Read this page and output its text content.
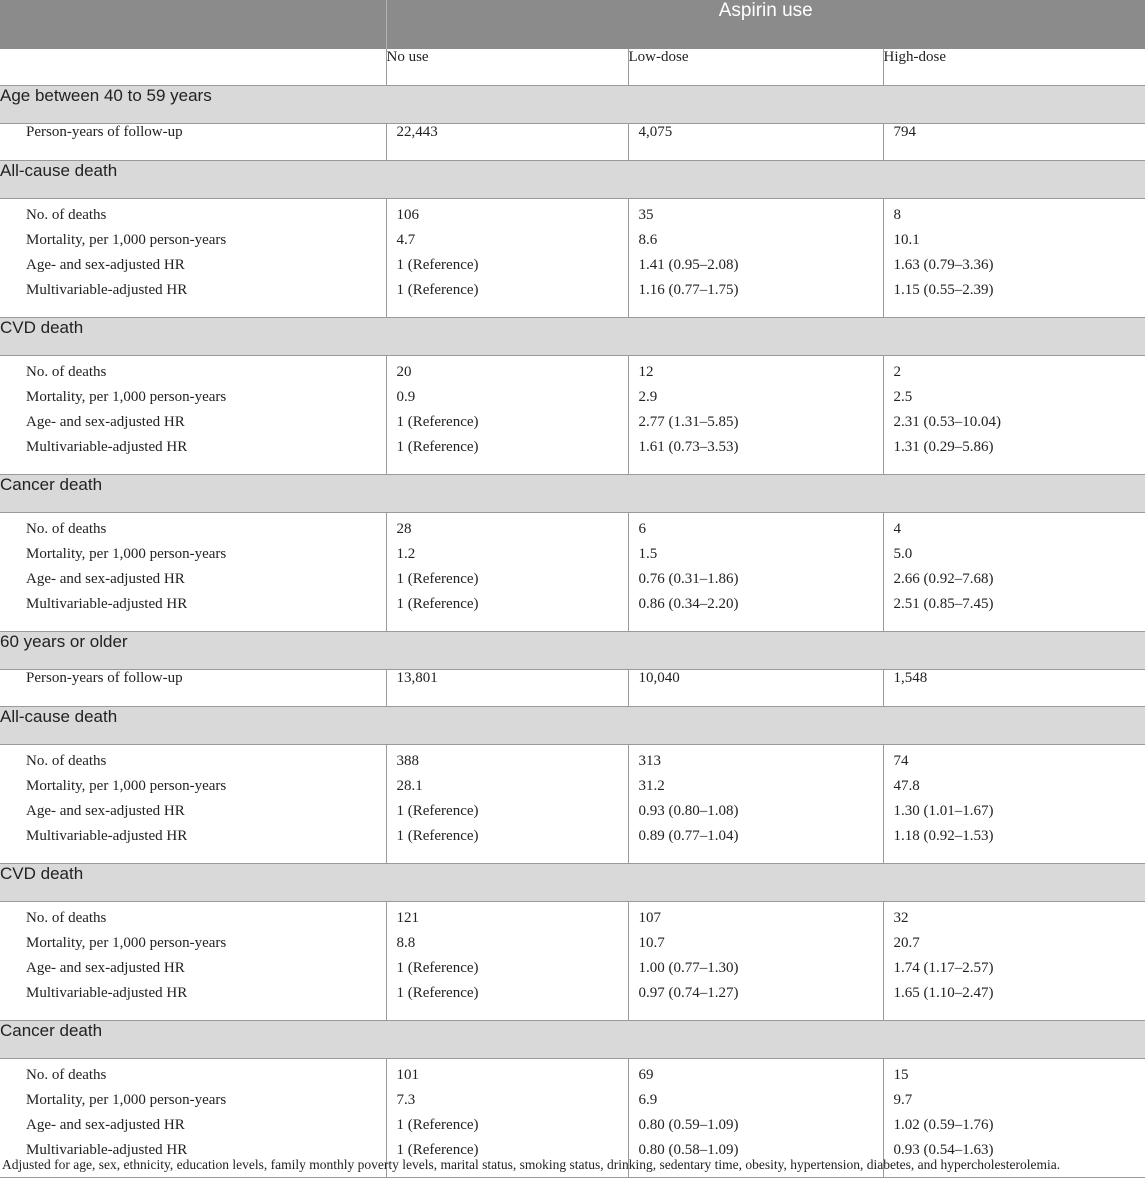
	Aspirin use		
	No use	Low-dose	High-dose
Age between 40 to 59 years			
Person-years of follow-up	22,443	4,075	794
All-cause death			
No. of deaths	106	35	8
Mortality, per 1,000 person-years	4.7	8.6	10.1
Age- and sex-adjusted HR	1 (Reference)	1.41 (0.95–2.08)	1.63 (0.79–3.36)
Multivariable-adjusted HR	1 (Reference)	1.16 (0.77–1.75)	1.15 (0.55–2.39)
CVD death			
No. of deaths	20	12	2
Mortality, per 1,000 person-years	0.9	2.9	2.5
Age- and sex-adjusted HR	1 (Reference)	2.77 (1.31–5.85)	2.31 (0.53–10.04)
Multivariable-adjusted HR	1 (Reference)	1.61 (0.73–3.53)	1.31 (0.29–5.86)
Cancer death			
No. of deaths	28	6	4
Mortality, per 1,000 person-years	1.2	1.5	5.0
Age- and sex-adjusted HR	1 (Reference)	0.76 (0.31–1.86)	2.66 (0.92–7.68)
Multivariable-adjusted HR	1 (Reference)	0.86 (0.34–2.20)	2.51 (0.85–7.45)
60 years or older			
Person-years of follow-up	13,801	10,040	1,548
All-cause death			
No. of deaths	388	313	74
Mortality, per 1,000 person-years	28.1	31.2	47.8
Age- and sex-adjusted HR	1 (Reference)	0.93 (0.80–1.08)	1.30 (1.01–1.67)
Multivariable-adjusted HR	1 (Reference)	0.89 (0.77–1.04)	1.18 (0.92–1.53)
CVD death			
No. of deaths	121	107	32
Mortality, per 1,000 person-years	8.8	10.7	20.7
Age- and sex-adjusted HR	1 (Reference)	1.00 (0.77–1.30)	1.74 (1.17–2.57)
Multivariable-adjusted HR	1 (Reference)	0.97 (0.74–1.27)	1.65 (1.10–2.47)
Cancer death			
No. of deaths	101	69	15
Mortality, per 1,000 person-years	7.3	6.9	9.7
Age- and sex-adjusted HR	1 (Reference)	0.80 (0.59–1.09)	1.02 (0.59–1.76)
Multivariable-adjusted HR	1 (Reference)	0.80 (0.58–1.09)	0.93 (0.54–1.63)
Adjusted for age, sex, ethnicity, education levels, family monthly poverty levels, marital status, smoking status, drinking, sedentary time, obesity, hypertension, diabetes, and hypercholesterolemia.
